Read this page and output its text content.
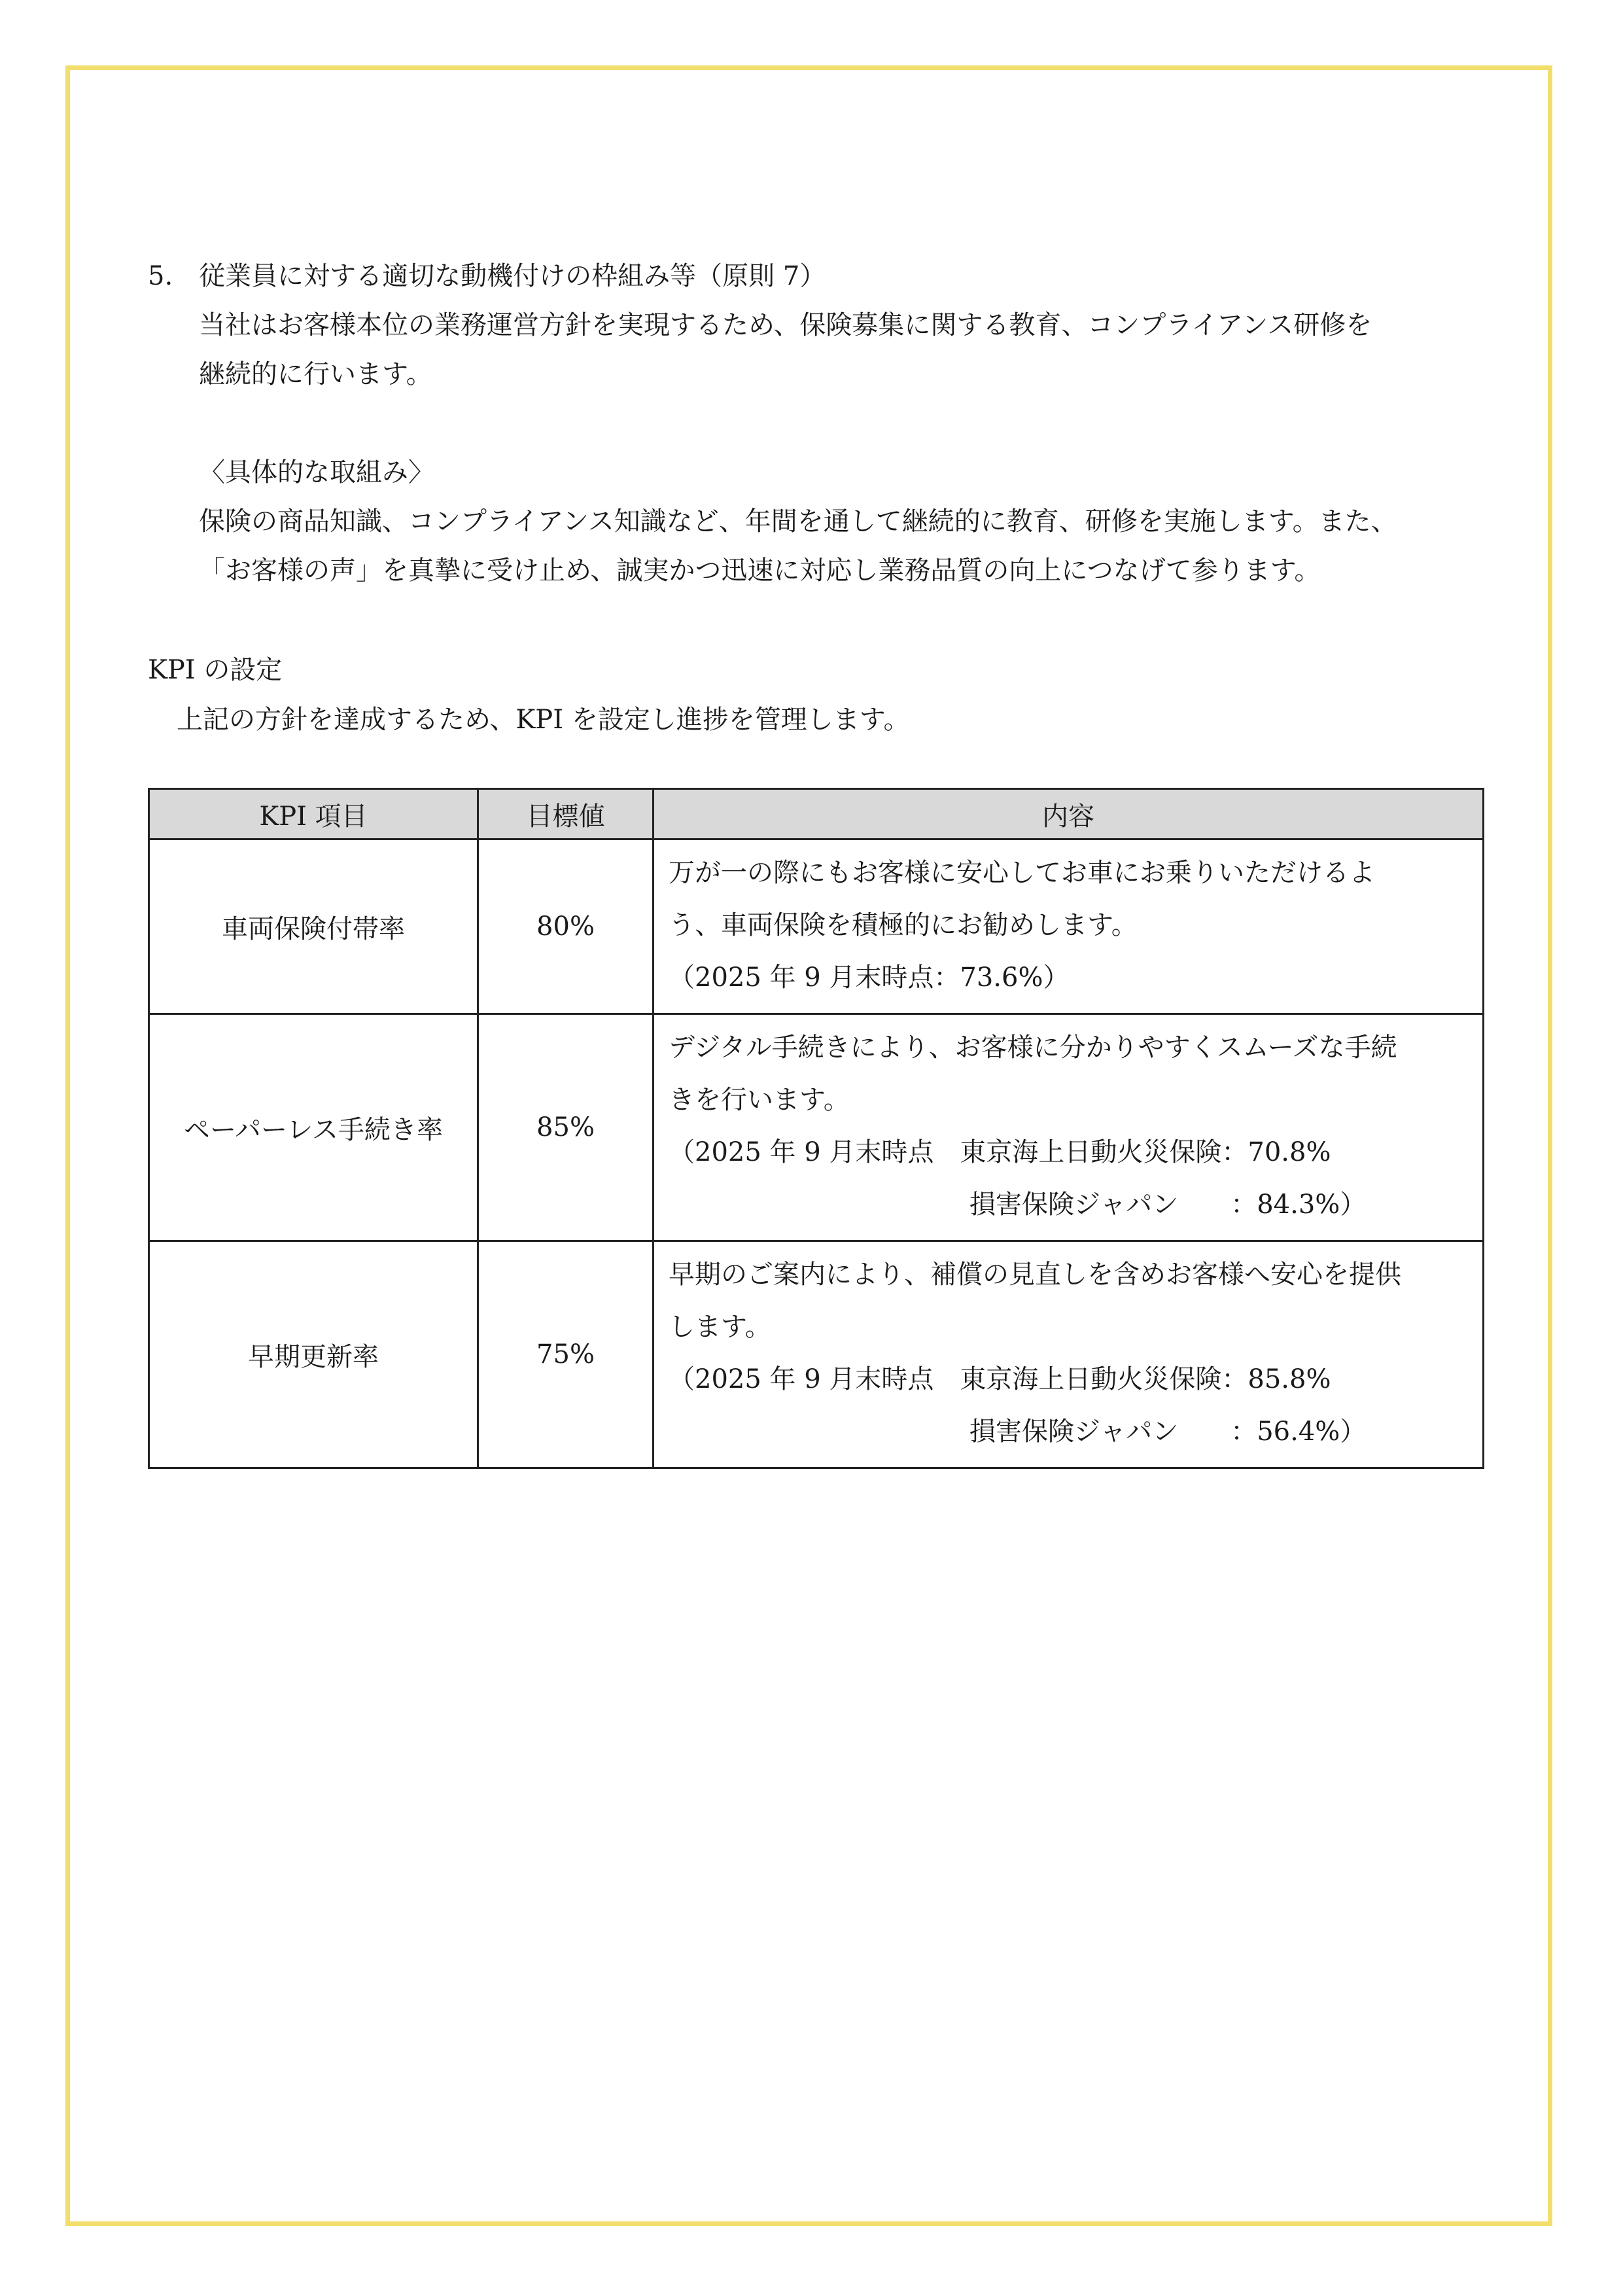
5.　従業員に対する適切な動機付けの枠組み等（原則 7）
当社はお客様本位の業務運営方針を実現するため、保険募集に関する教育、コンプライアンス研修を
継続的に行います。
〈具体的な取組み〉
保険の商品知識、コンプライアンス知識など、年間を通して継続的に教育、研修を実施します。また、
「お客様の声」を真摯に受け止め、誠実かつ迅速に対応し業務品質の向上につなげて参ります。
KPI の設定
上記の方針を達成するため、KPI を設定し進捗を管理します。
KPI 項目	目標値	内容
車両保険付帯率	80%	万が一の際にもお客様に安心してお車にお乗りいただけるよ
う、車両保険を積極的にお勧めします。
（2025 年 9 月末時点：73.6%）

ペーパーレス手続き率	85%	デジタル手続きにより、お客様に分かりやすくスムーズな手続
きを行います。
（2025 年 9 月末時点　東京海上日動火災保険：70.8%
損害保険ジャパン　　：84.3%）

早期更新率	75%	早期のご案内により、補償の見直しを含めお客様へ安心を提供
します。
（2025 年 9 月末時点　東京海上日動火災保険：85.8%
損害保険ジャパン　　：56.4%）
